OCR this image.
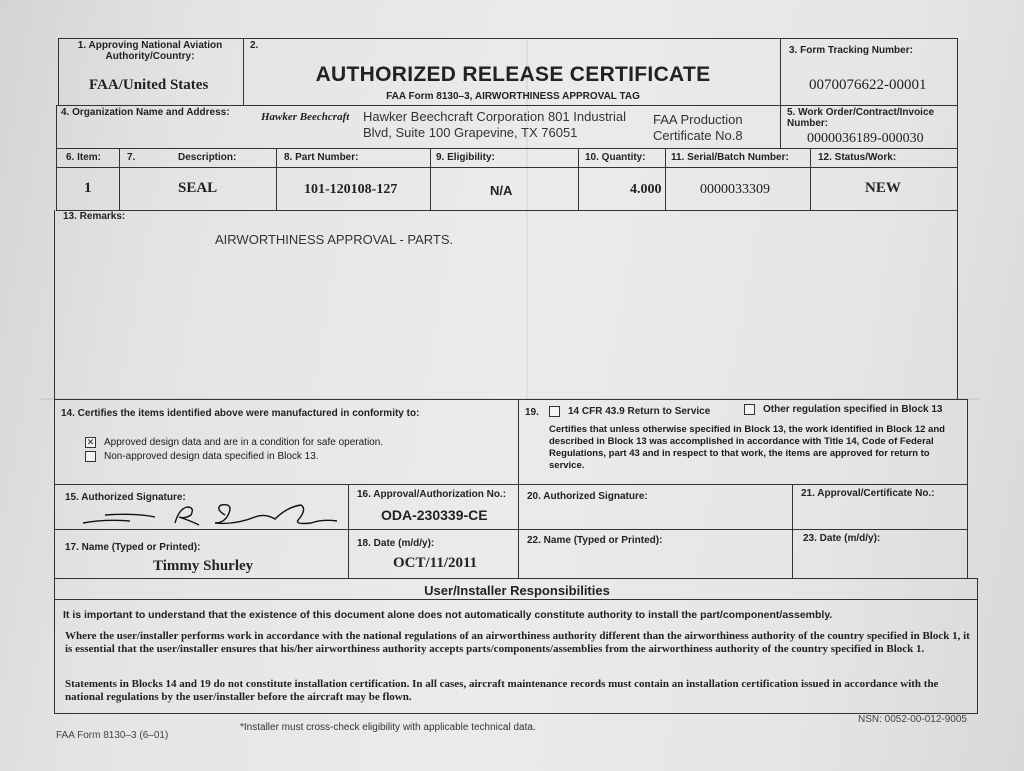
1. Approving National Aviation Authority/Country:
FAA/United States
2.
AUTHORIZED RELEASE CERTIFICATE
FAA Form 8130–3, AIRWORTHINESS APPROVAL TAG
3. Form Tracking Number:
0070076622-00001
4. Organization Name and Address:	Hawker Beechcraft Hawker Beechcraft Corporation 801 Industrial
Blvd, Suite 100 Grapevine, TX 76051
FAA Production
Certificate No.8
5. Work Order/Contract/Invoice Number:
0000036189-000030
6. Item:	7.	Description:	8. Part Number:	9. Eligibility:	10. Quantity:	11. Serial/Batch Number:	12. Status/Work:
1	SEAL	101-120108-127	N/A	4.000	0000033309	NEW
13. Remarks:
AIRWORTHINESS APPROVAL - PARTS.
14. Certifies the items identified above were manufactured in conformity to:
✕ Approved design data and are in a condition for safe operation.
Non-approved design data specified in Block 13.
19.	14 CFR 43.9 Return to Service	Other regulation specified in Block 13
Certifies that unless otherwise specified in Block 13, the work identified in Block 12 and described in Block 13 was accomplished in accordance with Title 14, Code of Federal Regulations, part 43 and in respect to that work, the items are approved for return to service.
15. Authorized Signature:	16. Approval/Authorization No.:
ODA-230339-CE
20. Authorized Signature:	21. Approval/Certificate No.:
17. Name (Typed or Printed):
Timmy Shurley
18. Date (m/d/y):
OCT/11/2011
22. Name (Typed or Printed):	23. Date (m/d/y):
User/Installer Responsibilities
It is important to understand that the existence of this document alone does not automatically constitute authority to install the part/component/assembly.
Where the user/installer performs work in accordance with the national regulations of an airworthiness authority different than the airworthiness authority of the country specified in Block 1, it is essential that the user/installer ensures that his/her airworthiness authority accepts parts/components/assemblies from the airworthiness authority of the country specified in Block 1.
Statements in Blocks 14 and 19 do not constitute installation certification. In all cases, aircraft maintenance records must contain an installation certification issued in accordance with the national regulations by the user/installer before the aircraft may be flown.
FAA Form 8130–3 (6–01)
*Installer must cross-check eligibility with applicable technical data.
NSN: 0052-00-012-9005
